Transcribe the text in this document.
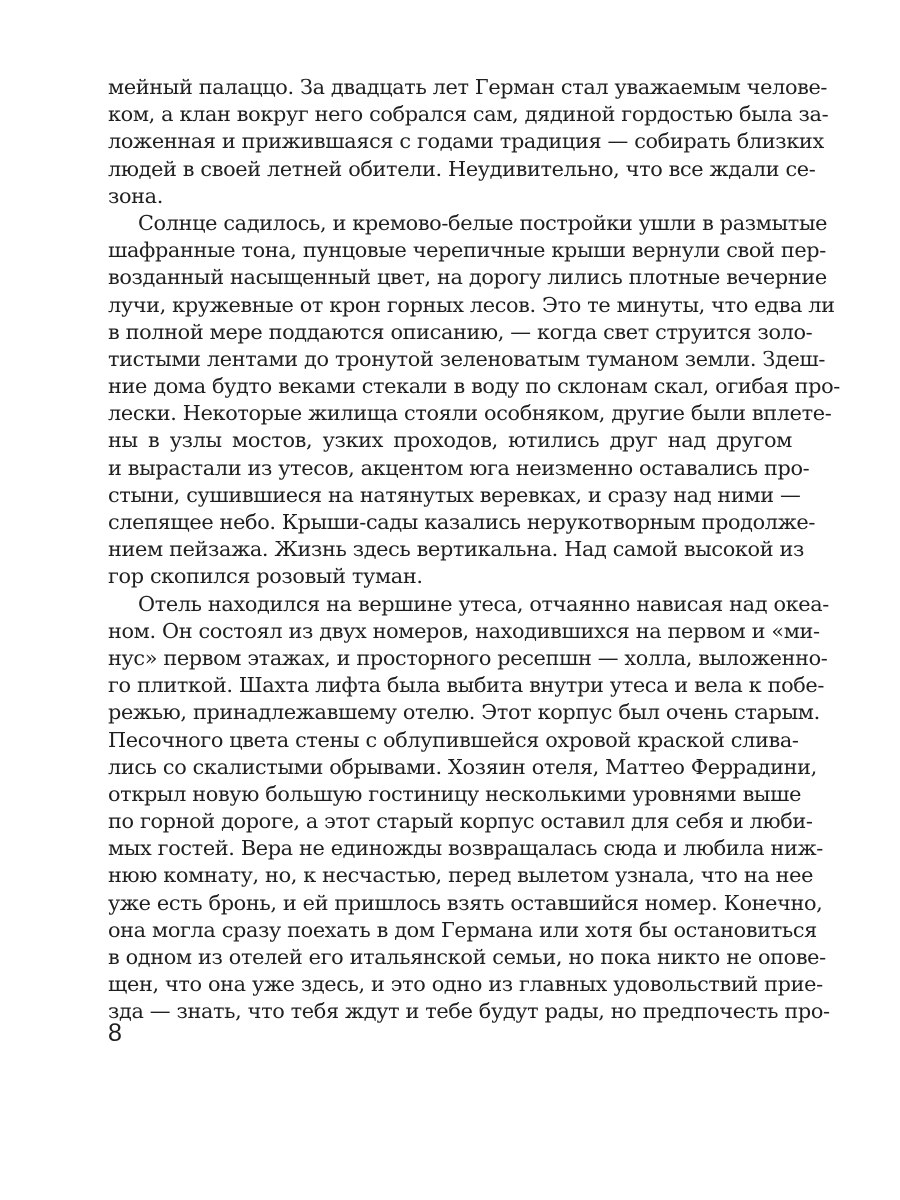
мейный палаццо. За двадцать лет Герман стал уважаемым челове-
ком, а клан вокруг него собрался сам, дядиной гордостью была за-
ложенная и прижившаяся с годами традиция — собирать близких
людей в своей летней обители. Неудивительно, что все ждали се-
зона.
Солнце садилось, и кремово-белые постройки ушли в размытые
шафранные тона, пунцовые черепичные крыши вернули свой пер-
возданный насыщенный цвет, на дорогу лились плотные вечерние
лучи, кружевные от крон горных лесов. Это те минуты, что едва ли
в полной мере поддаются описанию, — когда свет струится золо-
тистыми лентами до тронутой зеленоватым туманом земли. Здеш-
ние дома будто веками стекали в воду по склонам скал, огибая про-
лески. Некоторые жилища стояли особняком, другие были вплете-
ны в узлы мостов, узких проходов, ютились друг над другом
и вырастали из утесов, акцентом юга неизменно оставались про-
стыни, сушившиеся на натянутых веревках, и сразу над ними —
слепящее небо. Крыши-сады казались нерукотворным продолже-
нием пейзажа. Жизнь здесь вертикальна. Над самой высокой из
гор скопился розовый туман.
Отель находился на вершине утеса, отчаянно нависая над океа-
ном. Он состоял из двух номеров, находившихся на первом и «ми-
нус» первом этажах, и просторного ресепшн — холла, выложенно-
го плиткой. Шахта лифта была выбита внутри утеса и вела к побе-
режью, принадлежавшему отелю. Этот корпус был очень старым.
Песочного цвета стены с облупившейся охровой краской слива-
лись со скалистыми обрывами. Хозяин отеля, Маттео Феррадини,
открыл новую большую гостиницу несколькими уровнями выше
по горной дороге, а этот старый корпус оставил для себя и люби-
мых гостей. Вера не единожды возвращалась сюда и любила ниж-
нюю комнату, но, к несчастью, перед вылетом узнала, что на нее
уже есть бронь, и ей пришлось взять оставшийся номер. Конечно,
она могла сразу поехать в дом Германа или хотя бы остановиться
в одном из отелей его итальянской семьи, но пока никто не опове-
щен, что она уже здесь, и это одно из главных удовольствий прие-
зда — знать, что тебя ждут и тебе будут рады, но предпочесть про-
8
